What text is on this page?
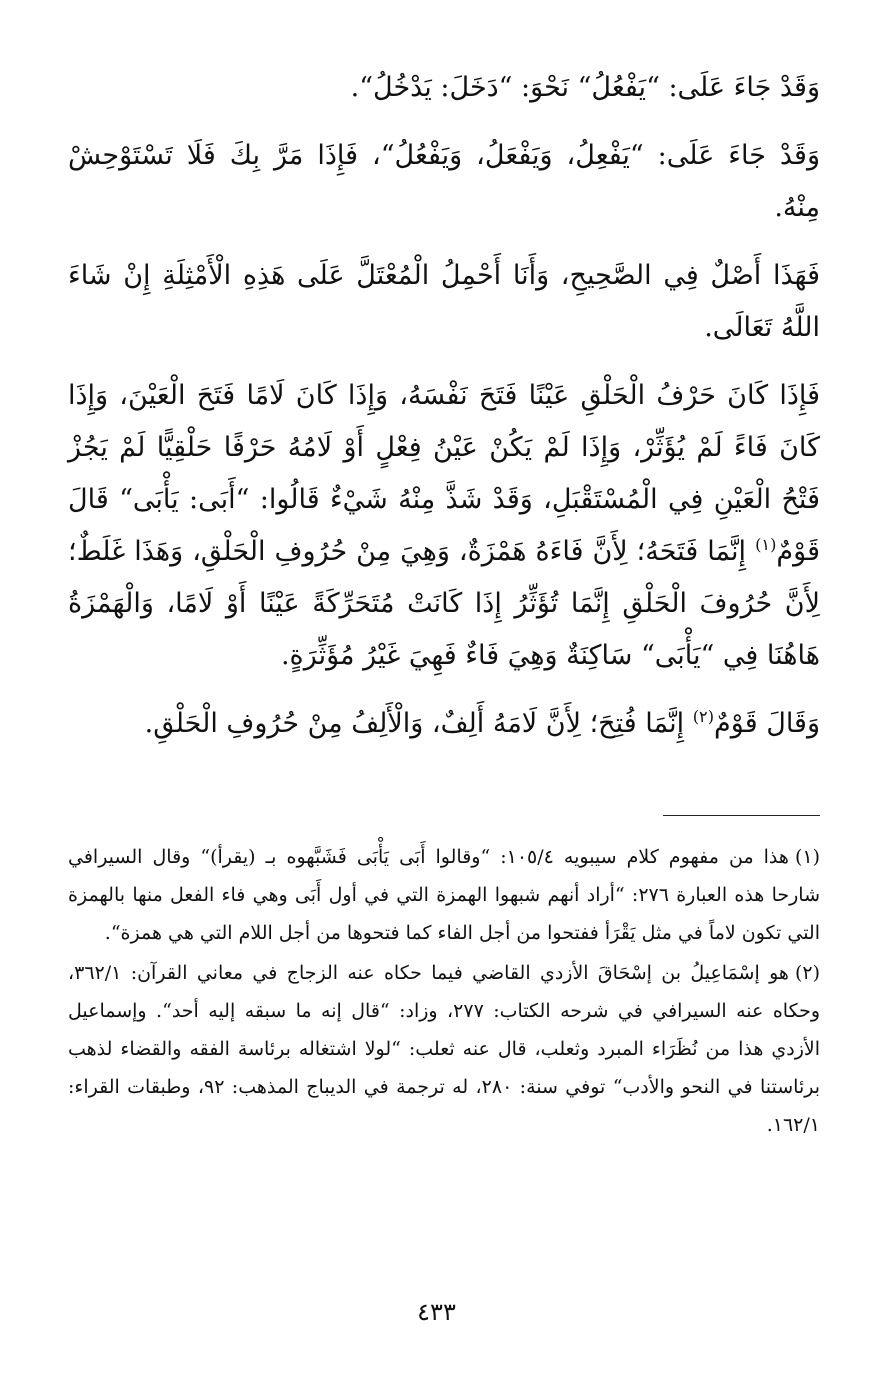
وَقَدْ جَاءَ عَلَى: “يَفْعُلُ“ نَحْوَ: “دَخَلَ: يَدْخُلُ“.

وَقَدْ جَاءَ عَلَى: “يَفْعِلُ، وَيَفْعَلُ، وَيَفْعُلُ“، فَإِذَا مَرَّ بِكَ فَلَا تَسْتَوْحِشْ مِنْهُ.

فَهَذَا أَصْلٌ فِي الصَّحِيحِ، وَأَنَا أَحْمِلُ الْمُعْتَلَّ عَلَى هَذِهِ الْأَمْثِلَةِ إِنْ شَاءَ اللَّهُ تَعَالَى.

فَإِذَا كَانَ حَرْفُ الْحَلْقِ عَيْنًا فَتَحَ نَفْسَهُ، وَإِذَا كَانَ لَامًا فَتَحَ الْعَيْنَ، وَإِذَا كَانَ فَاءً لَمْ يُؤَثِّرْ، وَإِذَا لَمْ يَكُنْ عَيْنُ فِعْلٍ أَوْ لَامُهُ حَرْفًا حَلْقِيًّا لَمْ يَجُزْ فَتْحُ الْعَيْنِ فِي الْمُسْتَقْبَلِ، وَقَدْ شَذَّ مِنْهُ شَيْءٌ قَالُوا: “أَبَى: يَأْبَى“ قَالَ قَوْمٌ$^{(١)}$ إِنَّمَا فَتَحَهُ؛ لِأَنَّ فَاءَهُ هَمْزَةٌ، وَهِيَ مِنْ حُرُوفِ الْحَلْقِ، وَهَذَا غَلَطٌ؛ لِأَنَّ حُرُوفَ الْحَلْقِ إِنَّمَا تُؤَثِّرُ إِذَا كَانَتْ مُتَحَرِّكَةً عَيْنًا أَوْ لَامًا، وَالْهَمْزَةُ هَاهُنَا فِي “يَأْبَى“ سَاكِنَةٌ وَهِيَ فَاءٌ فَهِيَ غَيْرُ مُؤَثِّرَةٍ.

وَقَالَ قَوْمٌ$^{(٢)}$ إِنَّمَا فُتِحَ؛ لِأَنَّ لَامَهُ أَلِفٌ، وَالْأَلِفُ مِنْ حُرُوفِ الْحَلْقِ.

(١)هذا من مفهوم كلام سيبويه ١٠٥/٤: “وقالوا أَبَى يَأْبَى فَشَبَّهوه بـ (يقرأ)“ وقال السيرافي شارحا هذه العبارة ٢٧٦: “أراد أنهم شبهوا الهمزة التي في أول أَبَى وهي فاء الفعل منها بالهمزة التي تكون لاماً في مثل يَقْرَأ ففتحوا من أجل الفاء كما فتحوها من أجل اللام التي هي همزة“.

(٢)هو إسْمَاعِيلُ بن إسْحَاقَ الأزدي القاضي فيما حكاه عنه الزجاج في معاني القرآن: ٣٦٢/١، وحكاه عنه السيرافي في شرحه الكتاب: ٢٧٧، وزاد: “قال إنه ما سبقه إليه أحد“. وإسماعيل الأزدي هذا من نُظَرَاء المبرد وثعلب، قال عنه ثعلب: “لولا اشتغاله برئاسة الفقه والقضاء لذهب برئاستنا في النحو والأدب“ توفي سنة: ٢٨٠، له ترجمة في الديباج المذهب: ٩٢، وطبقات القراء: ١٦٢/١.

٤٣٣
